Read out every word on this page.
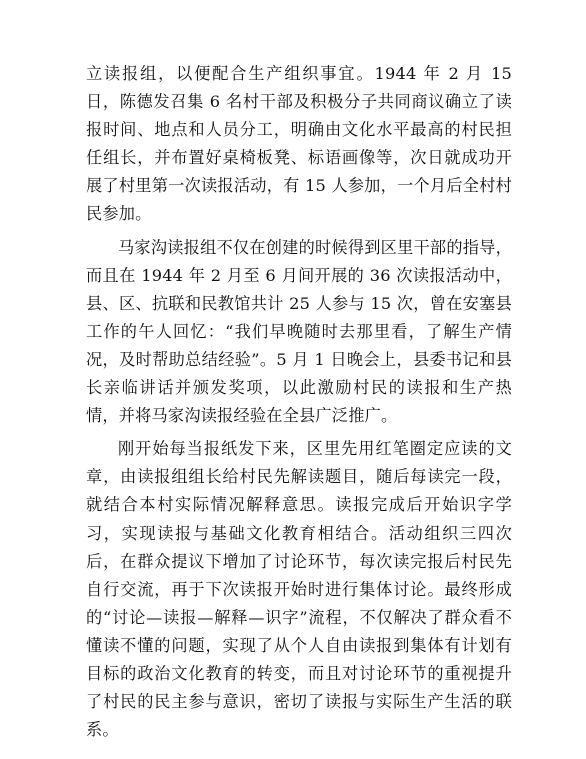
立读报组，以便配合生产组织事宜。1944 年 2 月 15 日，陈德发召集 6 名村干部及积极分子共同商议确立了读报时间、地点和人员分工，明确由文化水平最高的村民担任组长，并布置好桌椅板凳、标语画像等，次日就成功开展了村里第一次读报活动，有 15 人参加，一个月后全村村民参加。

马家沟读报组不仅在创建的时候得到区里干部的指导，而且在 1944 年 2 月至 6 月间开展的 36 次读报活动中，县、区、抗联和民教馆共计 25 人参与 15 次，曾在安塞县工作的午人回忆：“我们早晚随时去那里看，了解生产情况，及时帮助总结经验”。5 月 1 日晚会上，县委书记和县长亲临讲话并颁发奖项，以此激励村民的读报和生产热情，并将马家沟读报经验在全县广泛推广。

刚开始每当报纸发下来，区里先用红笔圈定应读的文章，由读报组组长给村民先解读题目，随后每读完一段，就结合本村实际情况解释意思。读报完成后开始识字学习，实现读报与基础文化教育相结合。活动组织三四次后，在群众提议下增加了讨论环节，每次读完报后村民先自行交流，再于下次读报开始时进行集体讨论。最终形成的“讨论—读报—解释—识字”流程，不仅解决了群众看不懂读不懂的问题，实现了从个人自由读报到集体有计划有目标的政治文化教育的转变，而且对讨论环节的重视提升了村民的民主参与意识，密切了读报与实际生产生活的联系。
